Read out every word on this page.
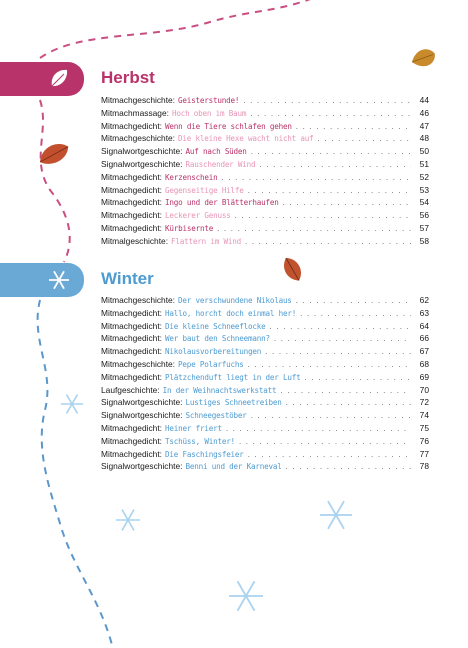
Herbst
Mitmachgeschichte: Geisterstunde! . . .	44
Mitmachmassage: Hoch oben im Baum . . .	46
Mitmachgedicht: Wenn die Tiere schlafen gehen . . .	47
Mitmachgeschichte: Die kleine Hexe wacht nicht auf . . .	48
Signalwortgeschichte: Auf nach Süden . . .	50
Signalwortgeschichte: Rauschender Wind . . .	51
Mitmachgedicht: Kerzenschein . . .	52
Mitmachgedicht: Gegenseitige Hilfe . . .	53
Mitmachgedicht: Ingo und der Blätterhaufen . . .	54
Mitmachgedicht: Leckerer Genuss . . .	56
Mitmachgedicht: Kürbisernte . . .	57
Mitmalgeschichte: Flattern im Wind . . .	58
Winter
Mitmachgeschichte: Der verschwundene Nikolaus . . .	62
Mitmachgedicht: Hallo, horcht doch einmal her! . . .	63
Mitmachgedicht: Die kleine Schneeflocke . . .	64
Mitmachgedicht: Wer baut den Schneemann? . . .	66
Mitmachgedicht: Nikolausvorbereitungen . . .	67
Mitmachgeschichte: Pepe Polarfuchs . . .	68
Mitmachgedicht: Plätzchenduft liegt in der Luft . . .	69
Laufgeschichte: In der Weihnachtswerkstatt . . .	70
Signalwortgeschichte: Lustiges Schneetreiben . . .	72
Signalwortgeschichte: Schneegestöber . . .	74
Mitmachgedicht: Heiner friert . . .	75
Mitmachgedicht: Tschüss, Winter! . . .	76
Mitmachgedicht: Die Faschingsfeier . . .	77
Signalwortgeschichte: Benni und der Karneval . . .	78
